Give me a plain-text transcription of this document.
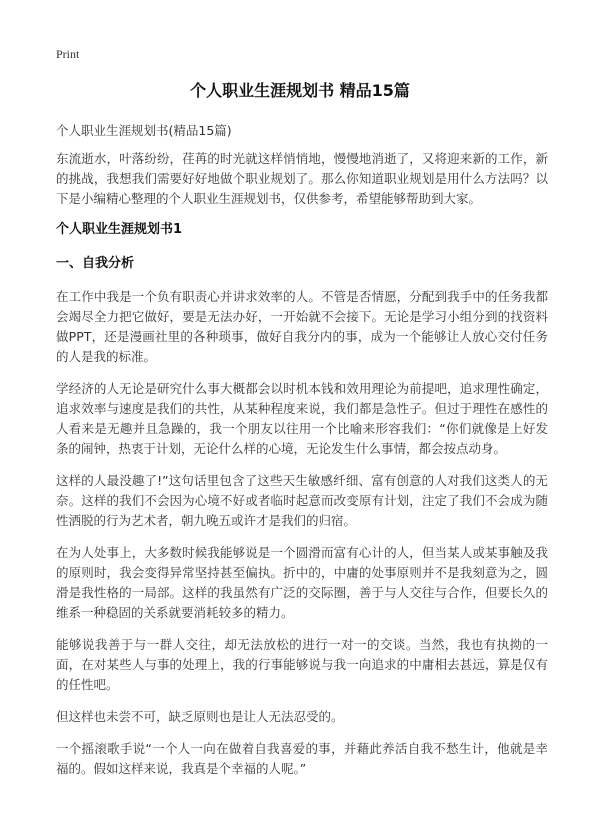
Print
个人职业生涯规划书 精品15篇
个人职业生涯规划书(精品15篇)

东流逝水，叶落纷纷，荏苒的时光就这样悄悄地，慢慢地消逝了，又将迎来新的工作，新的挑战，我想我们需要好好地做个职业规划了。那么你知道职业规划是用什么方法吗？以下是小编精心整理的个人职业生涯规划书，仅供参考，希望能够帮助到大家。

个人职业生涯规划书1
一、自我分析

在工作中我是一个负有职责心并讲求效率的人。不管是否情愿，分配到我手中的任务我都会竭尽全力把它做好，要是无法办好，一开始就不会接下。无论是学习小组分到的找资料做PPT，还是漫画社里的各种琐事，做好自我分内的事，成为一个能够让人放心交付任务的人是我的标准。

学经济的人无论是研究什么事大概都会以时机本钱和效用理论为前提吧，追求理性确定，追求效率与速度是我们的共性，从某种程度来说，我们都是急性子。但过于理性在感性的人看来是无趣并且急躁的，我一个朋友以往用一个比喻来形容我们：“你们就像是上好发条的闹钟，热衷于计划，无论什么样的心境，无论发生什么事情，都会按点动身。

这样的人最没趣了!”这句话里包含了这些天生敏感纤细、富有创意的人对我们这类人的无奈。这样的我们不会因为心境不好或者临时起意而改变原有计划，注定了我们不会成为随性洒脱的行为艺术者，朝九晚五或许才是我们的归宿。

在为人处事上，大多数时候我能够说是一个圆滑而富有心计的人，但当某人或某事触及我的原则时，我会变得异常坚持甚至偏执。折中的，中庸的处事原则并不是我刻意为之，圆滑是我性格的一局部。这样的我虽然有广泛的交际圈，善于与人交往与合作，但要长久的维系一种稳固的关系就要消耗较多的精力。

能够说我善于与一群人交往，却无法放松的进行一对一的交谈。当然，我也有执拗的一面，在对某些人与事的处理上，我的行事能够说与我一向追求的中庸相去甚远，算是仅有的任性吧。

但这样也未尝不可，缺乏原则也是让人无法忍受的。

一个摇滚歌手说“一个人一向在做着自我喜爱的事，并藉此养活自我不愁生计，他就是幸福的。假如这样来说，我真是个幸福的人呢。”
